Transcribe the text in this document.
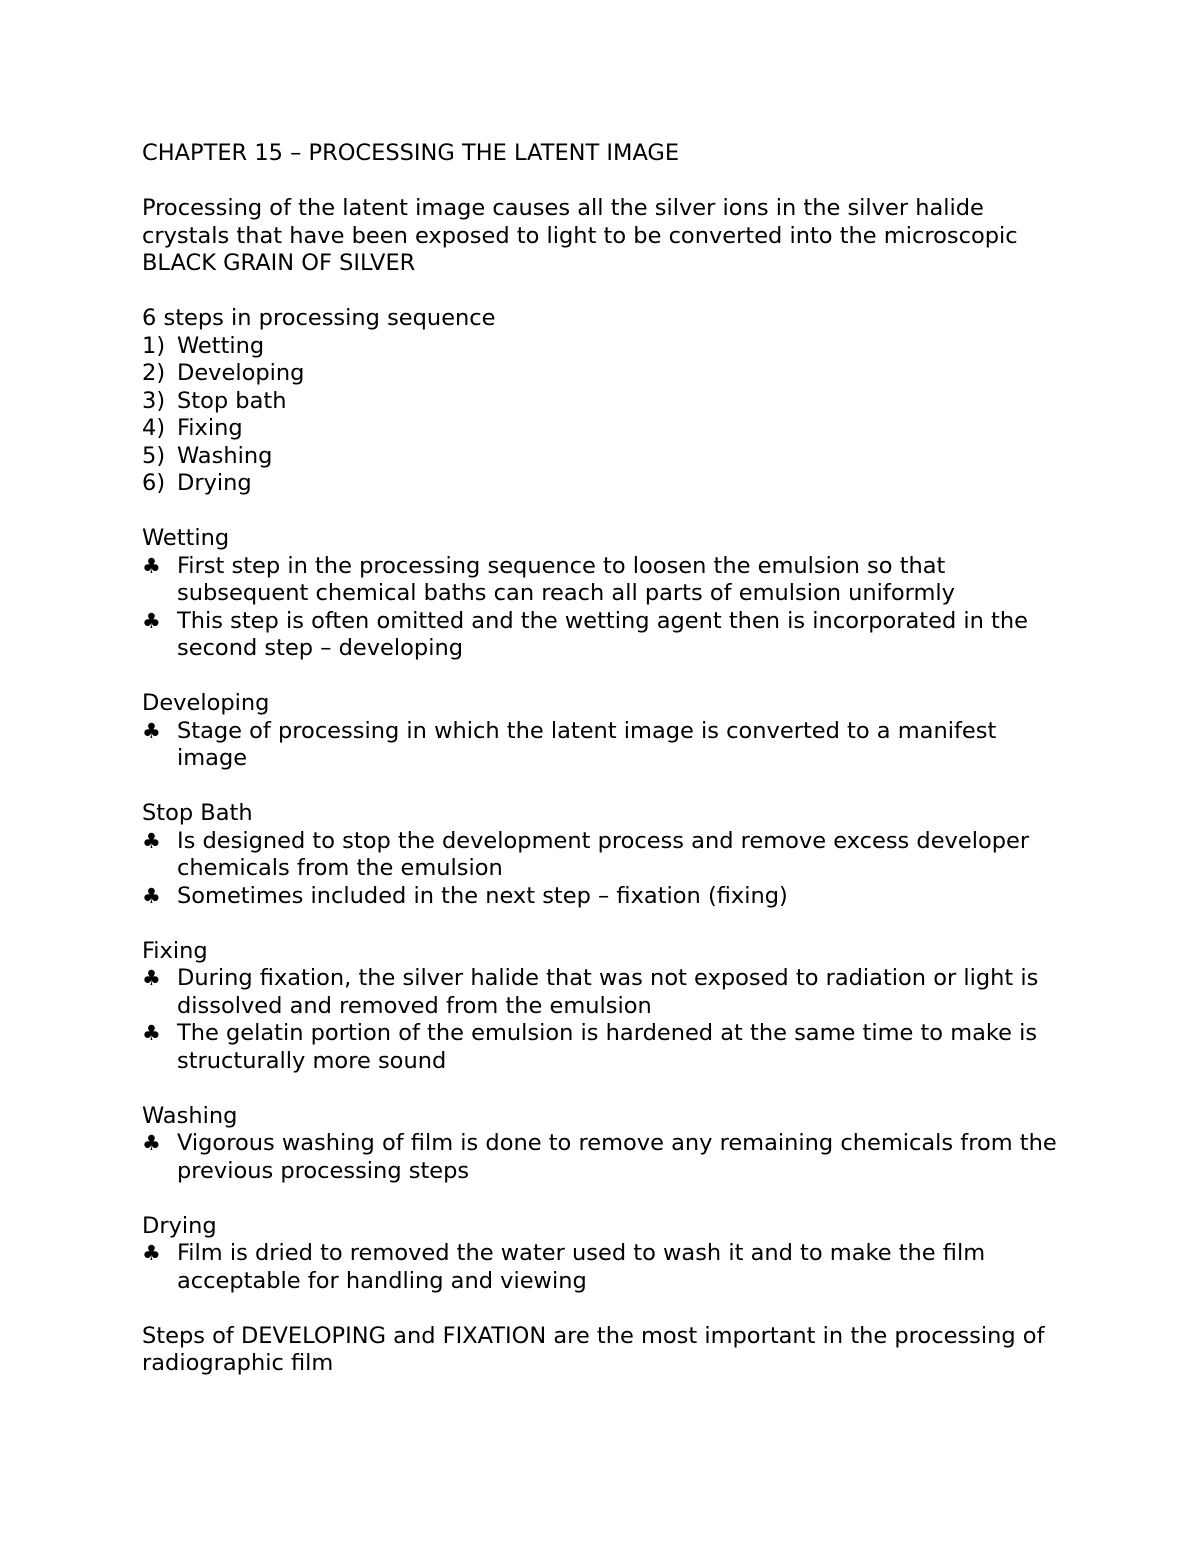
CHAPTER 15 – PROCESSING THE LATENT IMAGE

Processing of the latent image causes all the silver ions in the silver halide crystals that have been exposed to light to be converted into the microscopic BLACK GRAIN OF SILVER

6 steps in processing sequence

1) Wetting
2) Developing
3) Stop bath
4) Fixing
5) Washing
6) Drying

Wetting

♣ First step in the processing sequence to loosen the emulsion so that subsequent chemical baths can reach all parts of emulsion uniformly
♣ This step is often omitted and the wetting agent then is incorporated in the second step – developing

Developing

♣ Stage of processing in which the latent image is converted to a manifest image

Stop Bath

♣ Is designed to stop the development process and remove excess developer chemicals from the emulsion
♣ Sometimes included in the next step – fixation (fixing)

Fixing

♣ During fixation, the silver halide that was not exposed to radiation or light is dissolved and removed from the emulsion
♣ The gelatin portion of the emulsion is hardened at the same time to make is structurally more sound

Washing

♣ Vigorous washing of film is done to remove any remaining chemicals from the previous processing steps

Drying

♣ Film is dried to removed the water used to wash it and to make the film acceptable for handling and viewing

Steps of DEVELOPING and FIXATION are the most important in the processing of radiographic film
